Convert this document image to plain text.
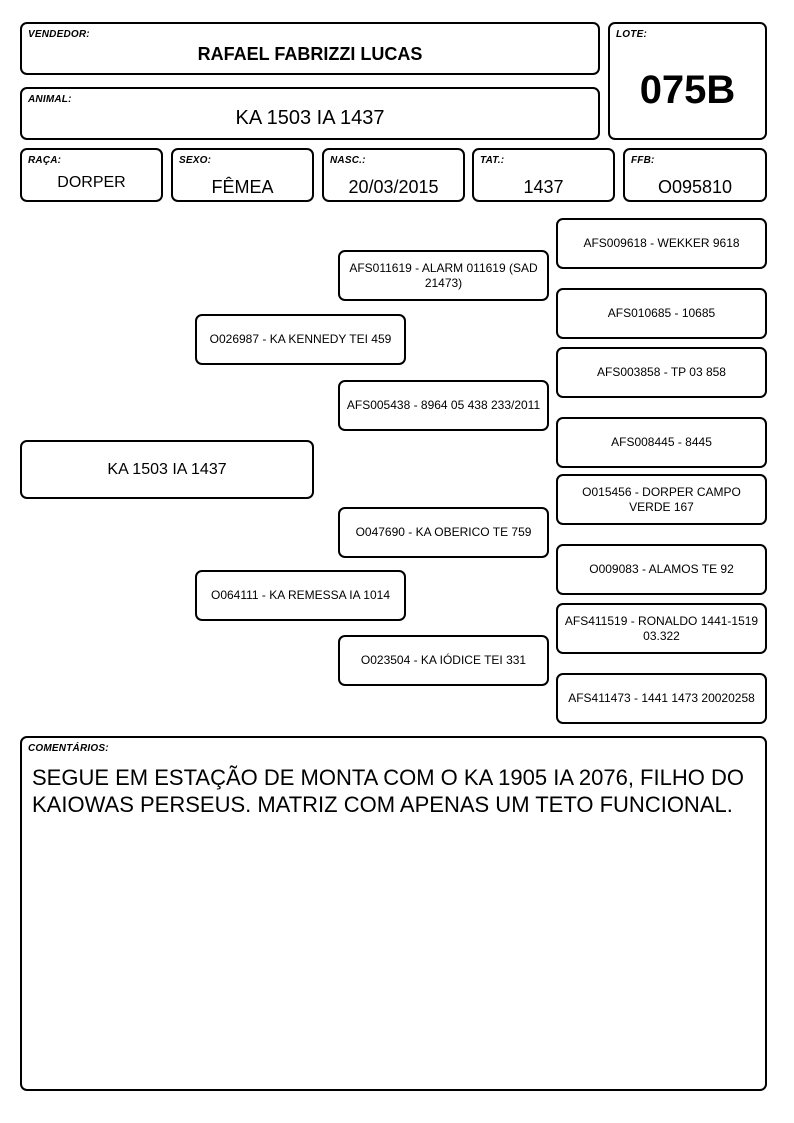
VENDEDOR:
RAFAEL FABRIZZI LUCAS
ANIMAL:
KA 1503 IA 1437
LOTE:
075B
RAÇA:
DORPER
SEXO:
FÊMEA
NASC.:
20/03/2015
TAT.:
1437
FFB:
O095810
KA 1503 IA 1437
O026987 - KA KENNEDY TEI 459
O064111 - KA REMESSA IA 1014
AFS011619 - ALARM 011619 (SAD 21473)
AFS005438 - 8964 05 438 233/2011
O047690 - KA OBERICO TE 759
O023504 - KA IÓDICE TEI 331
AFS009618 - WEKKER 9618
AFS010685 - 10685
AFS003858 - TP 03 858
AFS008445 - 8445
O015456 - DORPER CAMPO VERDE 167
O009083 - ALAMOS TE 92
AFS411519 - RONALDO 1441-1519 03.322
AFS411473 - 1441 1473 20020258
COMENTÁRIOS:
SEGUE EM ESTAÇÃO DE MONTA COM O KA 1905 IA 2076, FILHO DO KAIOWAS PERSEUS. MATRIZ COM APENAS UM TETO FUNCIONAL.
